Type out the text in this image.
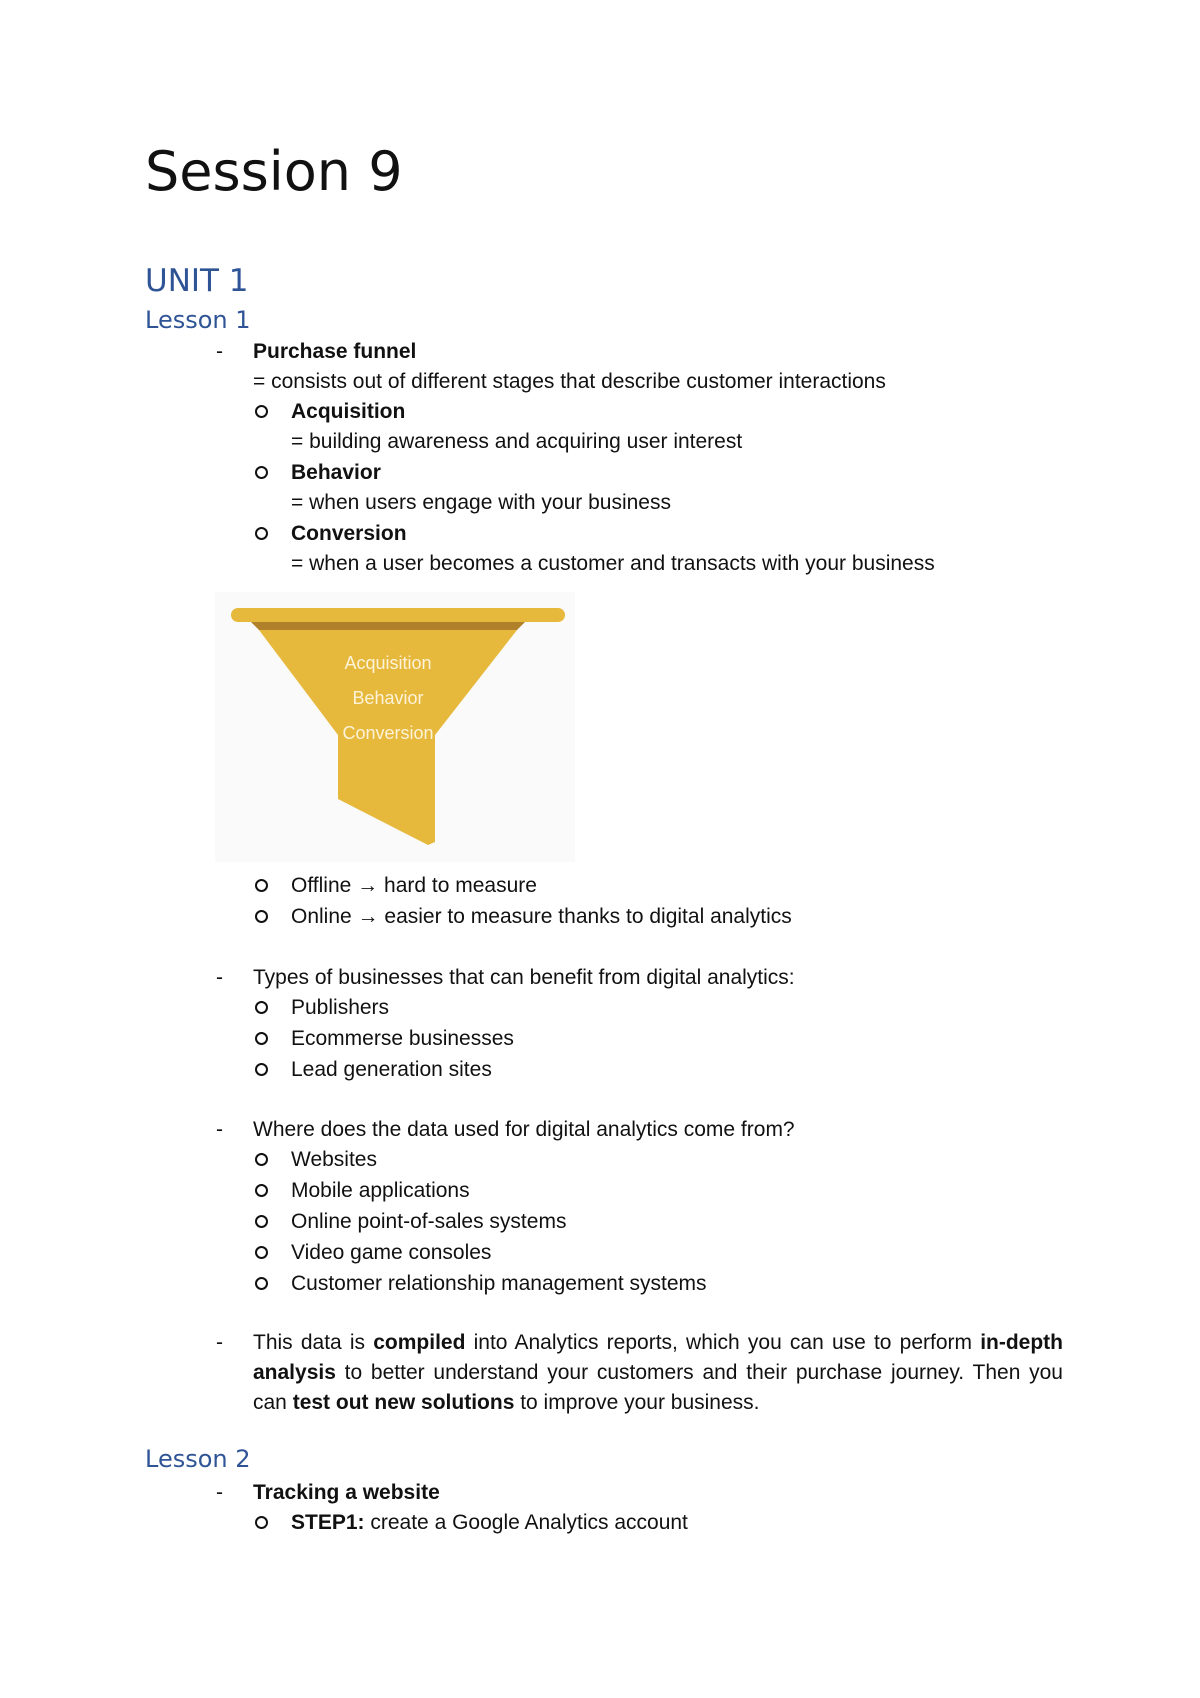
Session 9
UNIT 1
Lesson 1
- Purchase funnel
= consists out of different stages that describe customer interactions
Acquisition
= building awareness and acquiring user interest
Behavior
= when users engage with your business
Conversion
= when a user becomes a customer and transacts with your business
Acquisition
Behavior
Conversion
Offline → hard to measure
Online → easier to measure thanks to digital analytics
- Types of businesses that can benefit from digital analytics:
Publishers
Ecommerse businesses
Lead generation sites
- Where does the data used for digital analytics come from?
Websites
Mobile applications
Online point-of-sales systems
Video game consoles
Customer relationship management systems
- This data is compiled into Analytics reports, which you can use to perform in-depth analysis to better understand your customers and their purchase journey. Then you can test out new solutions to improve your business.
Lesson 2
- Tracking a website
STEP1: create a Google Analytics account
